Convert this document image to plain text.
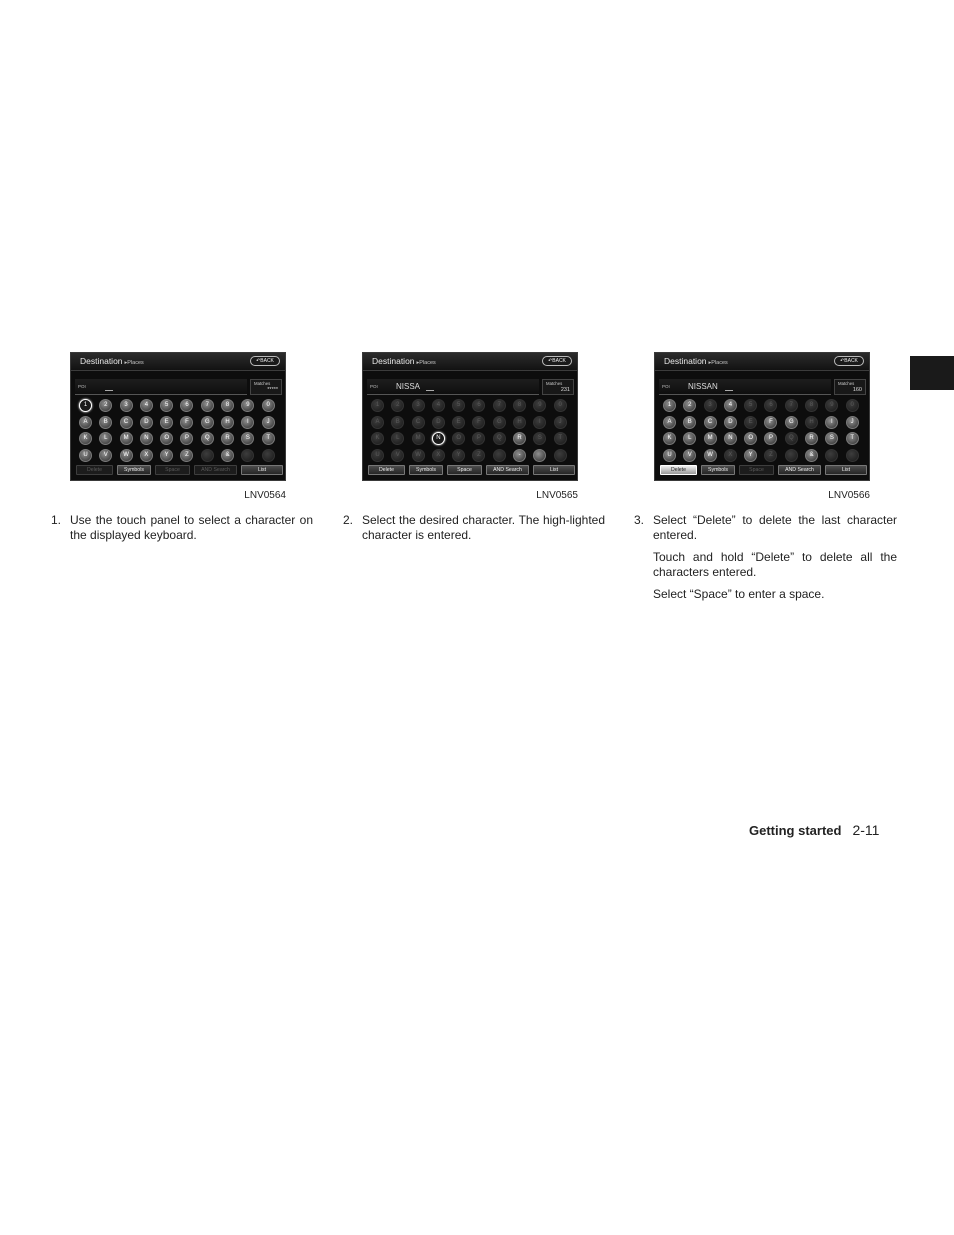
Destination ▸Places	↶BACK
POI
Matches
*****
1	2	3	4	5	6	7	8	9	0
A	B	C	D	E	F	G	H	I	J
K	L	M	N	O	P	Q	R	S	T
U	V	W	X	Y	Z	&
Delete	Symbols	Space	AND Search	List
LNV0564
Destination ▸Places	↶BACK
POI NISSA	Matches
231
1	2	3	4	5	6	7	8	9	0
A	B	C	D	E	F	G	H	I	J
K	L	M	N	O	P	Q	R	S	T
U	V	W	X	Y	Z	-
Delete	Symbols	Space	AND Search	List
LNV0565
Destination ▸Places	↶BACK
POI NISSAN	Matches
160
1	2	3	4	5	6	7	8	9	0
A	B	C	D	E	F	G	H	I	J
K	L	M	N	O	P	Q	R	S	T
U	V	W	X	Y	Z	&
Delete	Symbols	Space	AND Search	List
LNV0566

1. Use the touch panel to select a character on the displayed keyboard.

2. Select the desired character. The high-lighted character is entered.

3. Select “Delete” to delete the last character entered.

Touch and hold “Delete” to delete all the characters entered.

Select “Space” to enter a space.

Getting started 2-11
